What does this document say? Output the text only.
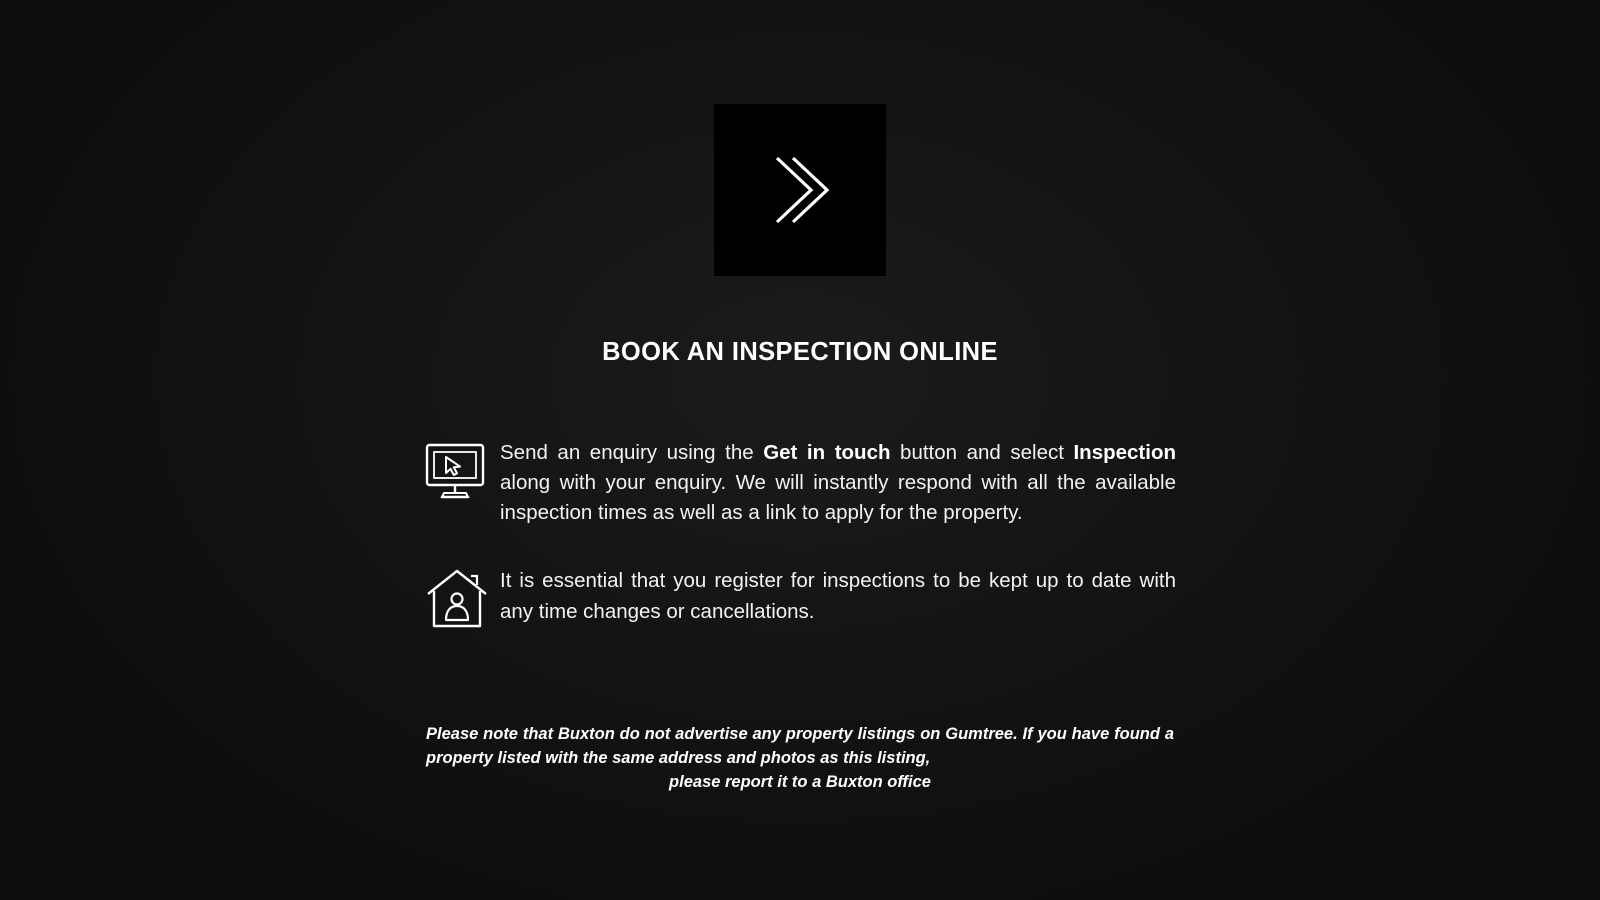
BOOK AN INSPECTION ONLINE
Send an enquiry using the Get in touch button and select Inspection along with your enquiry. We will instantly respond with all the available inspection times as well as a link to apply for the property.
It is essential that you register for inspections to be kept up to date with any time changes or cancellations.
Please note that Buxton do not advertise any property listings on Gumtree. If you have found a property listed with the same address and photos as this listing,
please report it to a Buxton office
